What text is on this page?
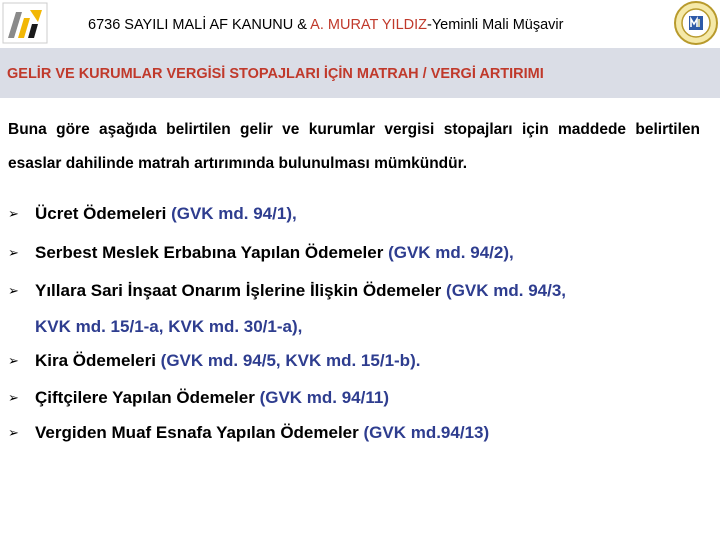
6736 SAYILI MALİ AF KANUNU & A. MURAT YILDIZ-Yeminli Mali Müşavir
GELİR VE KURUMLAR VERGİSİ STOPAJLARI İÇİN MATRAH / VERGİ ARTIRIMI
Buna göre aşağıda belirtilen gelir ve kurumlar vergisi stopajları için maddede belirtilen esaslar dahilinde matrah artırımında bulunulması mümkündür.
➢ Ücret Ödemeleri (GVK md. 94/1),
➢ Serbest Meslek Erbabına Yapılan Ödemeler (GVK md. 94/2),
➢ Yıllara Sari İnşaat Onarım İşlerine İlişkin Ödemeler (GVK md. 94/3,
KVK md. 15/1-a, KVK md. 30/1-a),
➢ Kira Ödemeleri (GVK md. 94/5, KVK md. 15/1-b).
➢ Çiftçilere Yapılan Ödemeler (GVK md. 94/11)
➢ Vergiden Muaf Esnafa Yapılan Ödemeler (GVK md.94/13)
